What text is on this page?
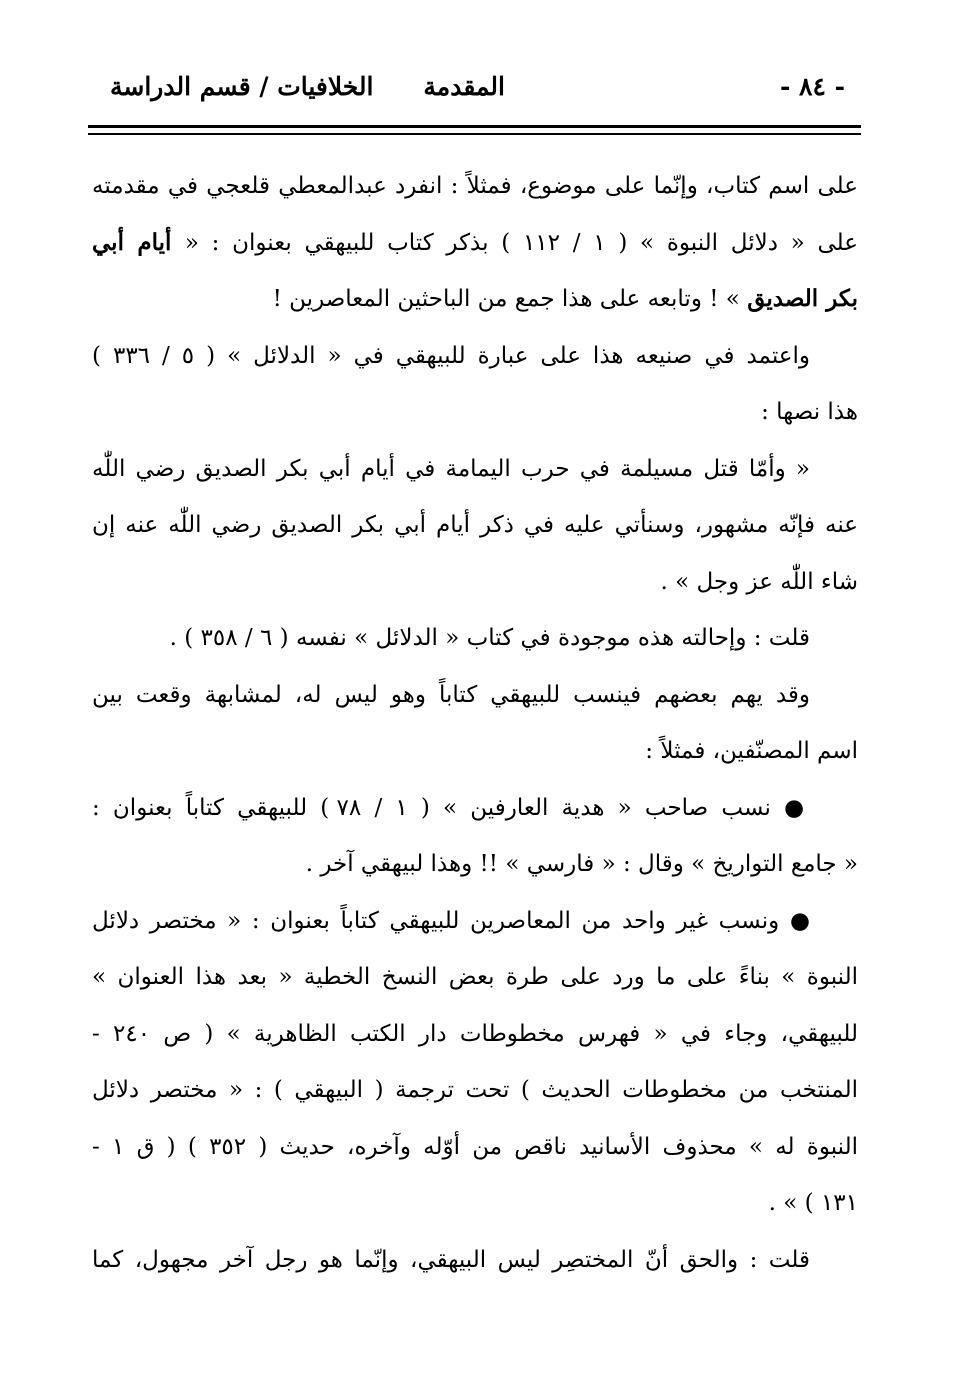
- ٨٤ -
المقدمة
الخلافيات / قسم الدراسة
على اسم كتاب، وإنّما على موضوع، فمثلاً : انفرد عبدالمعطي قلعجي في مقدمته
على « دلائل النبوة » ( ١ / ١١٢ ) بذكر كتاب للبيهقي بعنوان : « أيام أبي
بكر الصديق » ! وتابعه على هذا جمع من الباحثين المعاصرين !
واعتمد في صنيعه هذا على عبارة للبيهقي في « الدلائل » ( ٥ / ٣٣٦ )
هذا نصها :
« وأمّا قتل مسيلمة في حرب اليمامة في أيام أبي بكر الصديق رضي اللّٰه
عنه فإنّه مشهور، وسنأتي عليه في ذكر أيام أبي بكر الصديق رضي اللّٰه عنه إن
شاء اللّٰه عز وجل » .
قلت : وإحالته هذه موجودة في كتاب « الدلائل » نفسه ( ٦ / ٣٥٨ ) .
وقد يهم بعضهم فينسب للبيهقي كتاباً وهو ليس له، لمشابهة وقعت بين
اسم المصنّفين، فمثلاً :
● نسب صاحب « هدية العارفين » ( ١ / ٧٨ ) للبيهقي كتاباً بعنوان :
« جامع التواريخ » وقال : « فارسي » !! وهذا لبيهقي آخر .
● ونسب غير واحد من المعاصرين للبيهقي كتاباً بعنوان : « مختصر دلائل
النبوة » بناءً على ما ورد على طرة بعض النسخ الخطية « بعد هذا العنوان »
للبيهقي، وجاء في « فهرس مخطوطات دار الكتب الظاهرية » ( ص ٢٤٠ -
المنتخب من مخطوطات الحديث ) تحت ترجمة ( البيهقي ) : « مختصر دلائل
النبوة له » محذوف الأسانيد ناقص من أوّله وآخره، حديث ( ٣٥٢ ) ( ق ١ -
١٣١ ) » .
قلت : والحق أنّ المختصِر ليس البيهقي، وإنّما هو رجل آخر مجهول، كما
